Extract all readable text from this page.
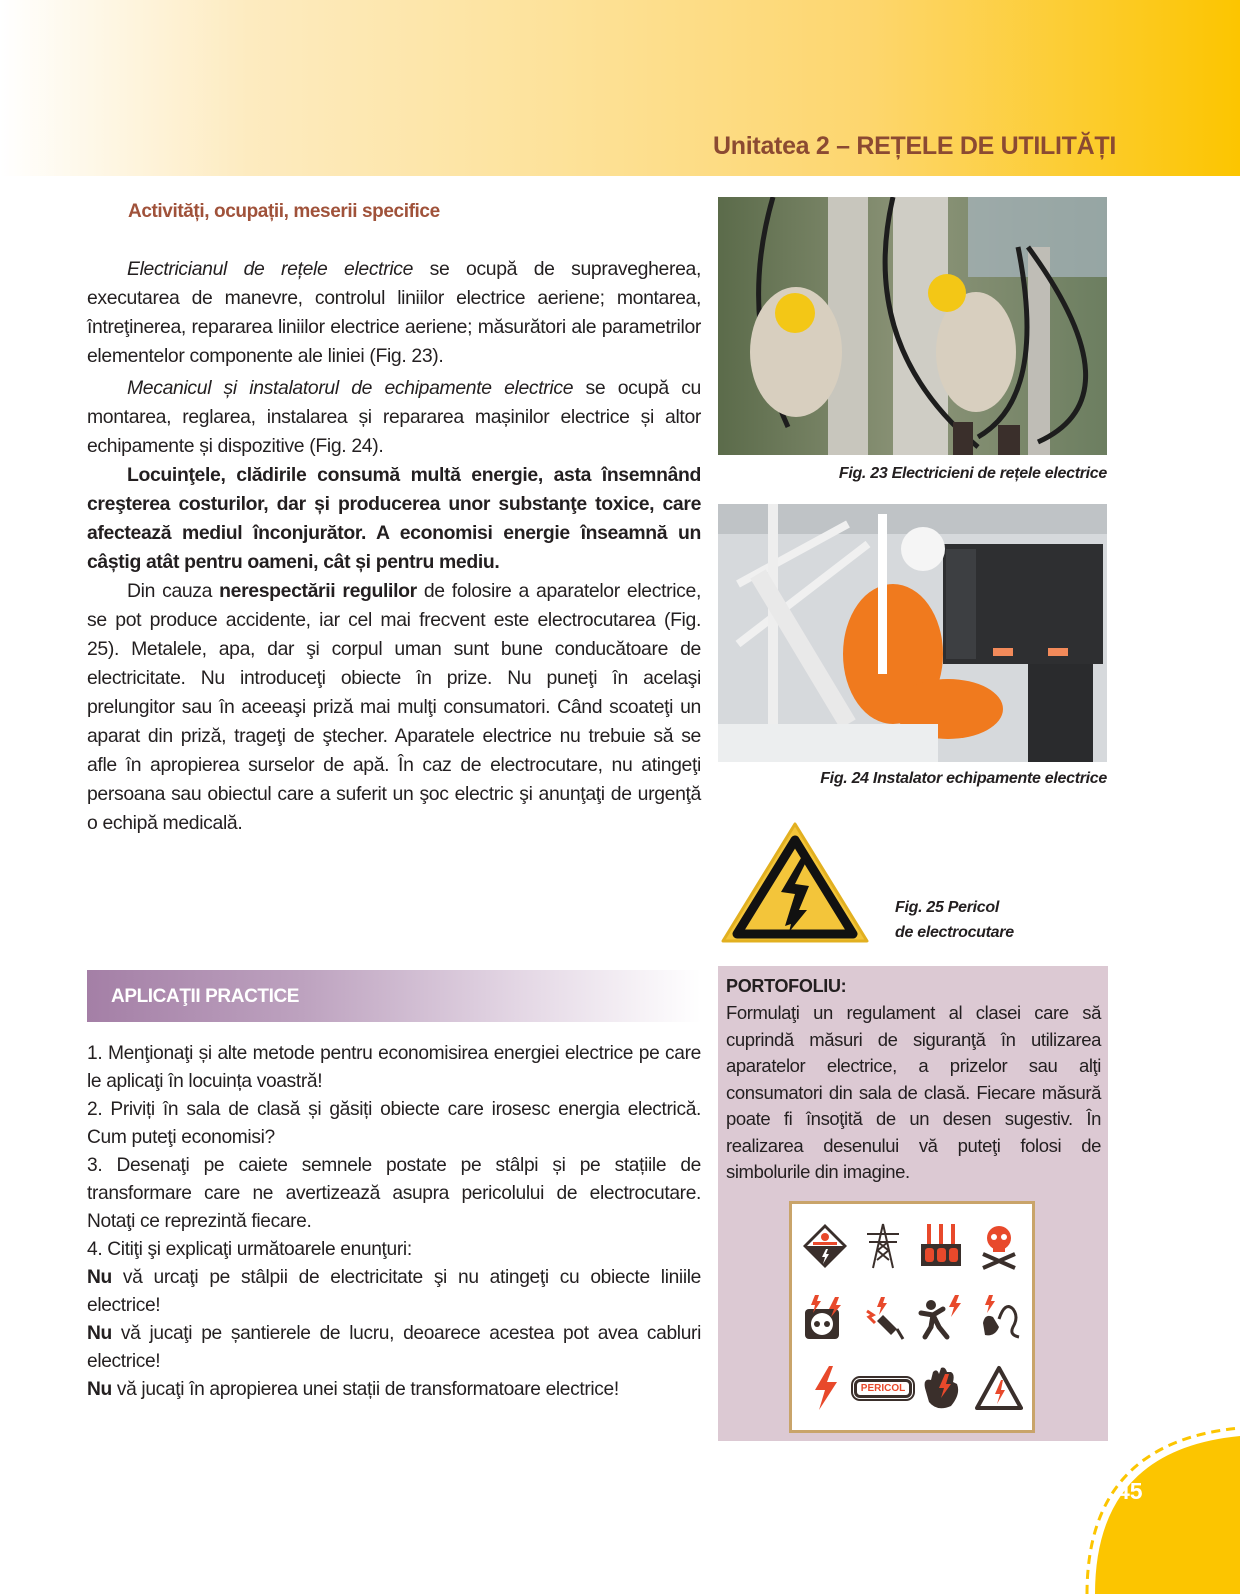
Unitatea 2 – REȚELE DE UTILITĂȚI
Activități, ocupații, meserii specifice

Electricianul de rețele electrice se ocupă de supravegherea, executarea de manevre, controlul liniilor electrice aeriene; montarea, întreţinerea, repararea liniilor electrice aeriene; măsurători ale parametrilor elementelor componente ale liniei (Fig. 23).

Mecanicul și instalatorul de echipamente electrice se ocupă cu montarea, reglarea, instalarea și repararea mașinilor electrice și altor echipamente și dispozitive (Fig. 24).

Locuinţele, clădirile consumă multă energie, asta însemnând creşterea costurilor, dar și producerea unor substanţe toxice, care afectează mediul înconjurător. A economisi energie înseamnă un câștig atât pentru oameni, cât și pentru mediu.

Din cauza nerespectării regulilor de folosire a aparatelor electrice, se pot produce accidente, iar cel mai frecvent este electrocutarea (Fig. 25). Metalele, apa, dar şi corpul uman sunt bune conducătoare de electricitate. Nu introduceţi obiecte în prize. Nu puneţi în acelaşi prelungitor sau în aceeaşi priză mai mulţi consumatori. Când scoateţi un aparat din priză, trageţi de ştecher. Aparatele electrice nu trebuie să se afle în apropierea surselor de apă. În caz de electrocutare, nu atingeţi persoana sau obiectul care a suferit un şoc electric şi anunţaţi de urgenţă o echipă medicală.

Fig. 23 Electricieni de rețele electrice
Fig. 24 Instalator echipamente electrice
Fig. 25 Pericol
de electrocutare
APLICAŢII PRACTICE
1. Menţionaţi și alte metode pentru economisirea energiei electrice pe care le aplicaţi în locuința voastră!
2. Priviți în sala de clasă și găsiți obiecte care irosesc energia electrică. Cum puteţi economisi?
3. Desenaţi pe caiete semnele postate pe stâlpi și pe stațiile de transformare care ne avertizează asupra pericolului de electrocutare. Notaţi ce reprezintă fiecare.
4. Citiţi şi explicaţi următoarele enunţuri:
Nu vă urcaţi pe stâlpii de electricitate şi nu atingeţi cu obiecte liniile electrice!
Nu vă jucaţi pe șantierele de lucru, deoarece acestea pot avea cabluri electrice!
Nu vă jucaţi în apropierea unei stații de transformatoare electrice!
PORTOFOLIU:
Formulaţi un regulament al clasei care să cuprindă măsuri de siguranţă în utilizarea aparatelor electrice, a prizelor sau alţi consumatori din sala de clasă. Fiecare măsură poate fi însoţită de un desen sugestiv. În realizarea desenului vă puteţi folosi de simbolurile din imagine.
PERICOL
45
